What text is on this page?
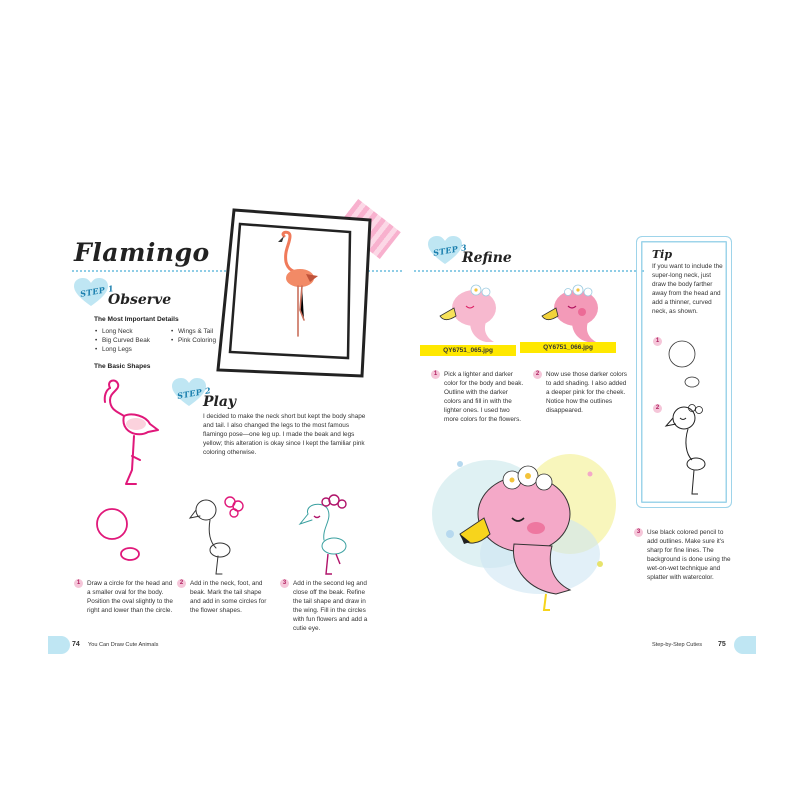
Flamingo
STEP 1
Observe
The Most Important Details
• Long Neck
• Big Curved Beak
• Long Legs
• Wings & Tail
• Pink Coloring
The Basic Shapes
STEP 2
Play
I decided to make the neck short but kept the body shape and tail. I also changed the legs to the most famous flamingo pose—one leg up. I made the beak and legs yellow; this alteration is okay since I kept the familiar pink coloring otherwise.
1	Draw a circle for the head and a smaller oval for the body. Position the oval slightly to the right and lower than the circle.
2	Add in the neck, foot, and beak. Mark the tail shape and add in some circles for the flower shapes.
3	Add in the second leg and close off the beak. Refine the tail shape and draw in the wing. Fill in the circles with fun flowers and add a cutie eye.
74 You Can Draw Cute Animals
STEP 3
Refine
QY6751_065.jpg	QY6751_066.jpg
1	Pick a lighter and darker color for the body and beak. Outline with the darker colors and fill in with the lighter ones. I used two more colors for the flowers.
2	Now use those darker colors to add shading. I also added a deeper pink for the cheek. Notice how the outlines disappeared.
3	Use black colored pencil to add outlines. Make sure it's sharp for fine lines. The background is done using the wet-on-wet technique and splatter with watercolor.
Tip
If you want to include the super-long neck, just draw the body farther away from the head and add a thinner, curved neck, as shown.
1
2
Step-by-Step Cuties 75
